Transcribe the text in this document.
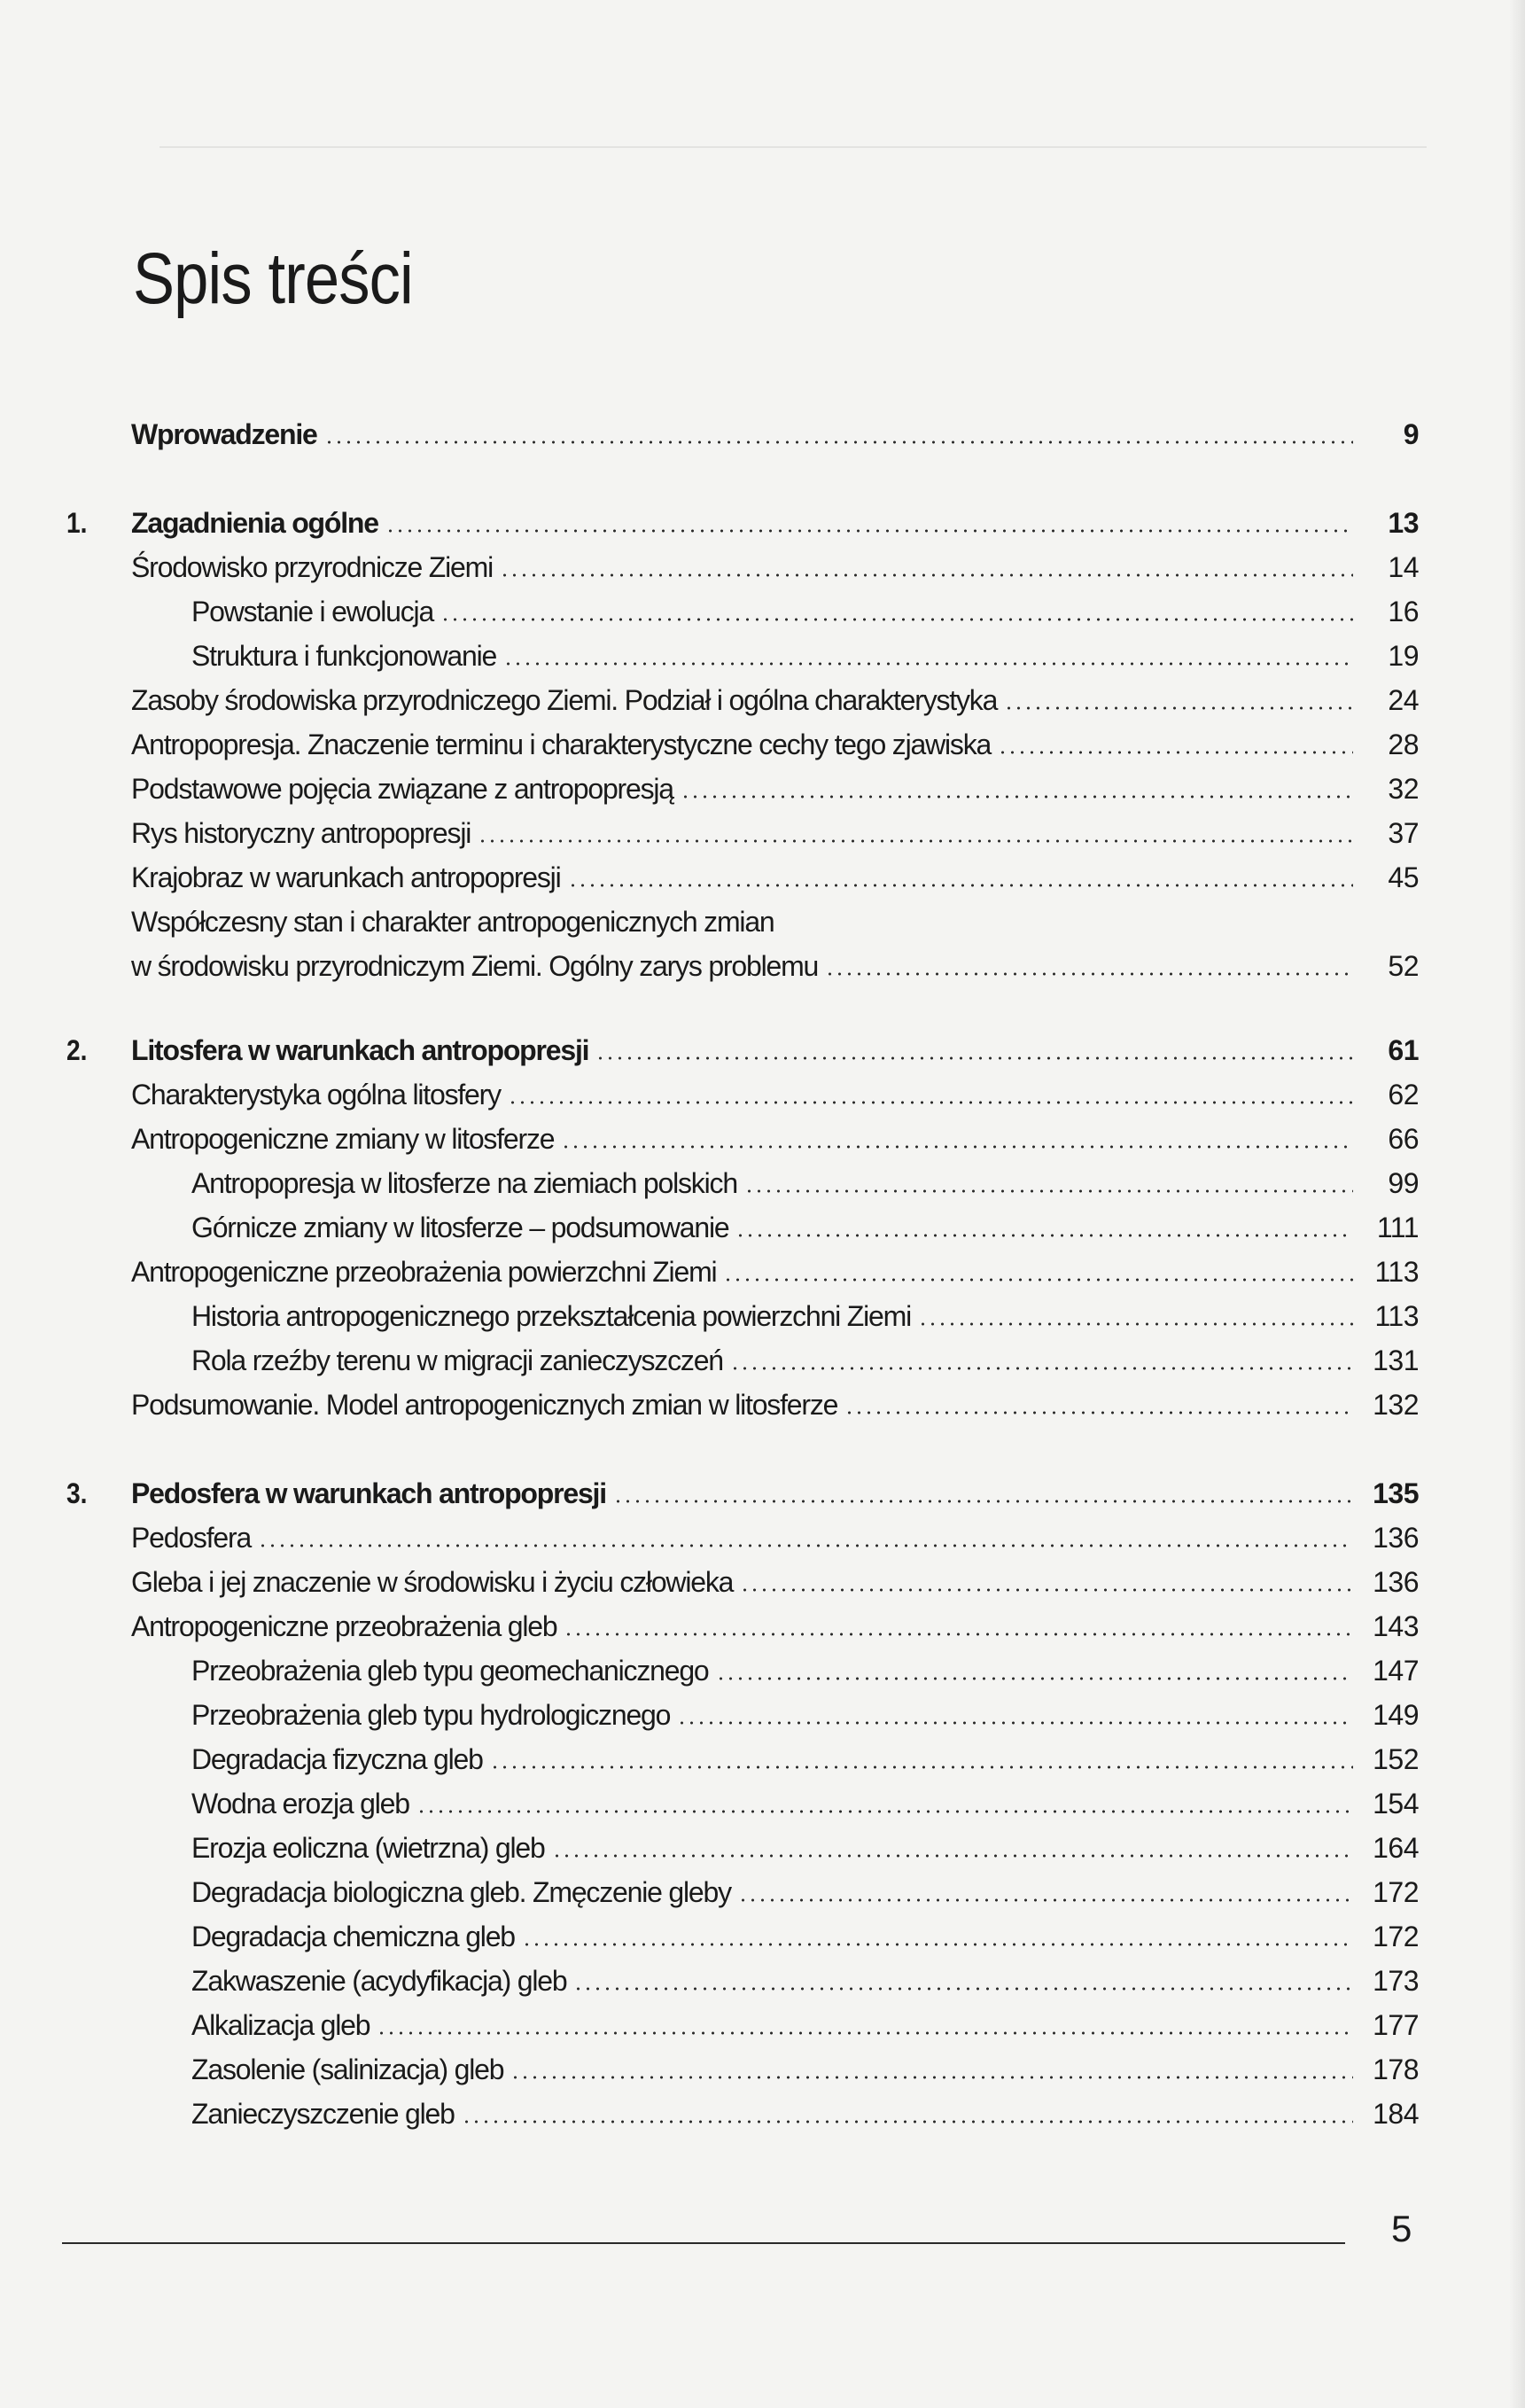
Spis treści
Wprowadzenie	9
1. Zagadnienia ogólne	13
Środowisko przyrodnicze Ziemi	14
Powstanie i ewolucja	16
Struktura i funkcjonowanie	19
Zasoby środowiska przyrodniczego Ziemi. Podział i ogólna charakterystyka	24
Antropopresja. Znaczenie terminu i charakterystyczne cechy tego zjawiska	28
Podstawowe pojęcia związane z antropopresją	32
Rys historyczny antropopresji	37
Krajobraz w warunkach antropopresji	45
Współczesny stan i charakter antropogenicznych zmian
w środowisku przyrodniczym Ziemi. Ogólny zarys problemu	52
2. Litosfera w warunkach antropopresji	61
Charakterystyka ogólna litosfery	62
Antropogeniczne zmiany w litosferze	66
Antropopresja w litosferze na ziemiach polskich	99
Górnicze zmiany w litosferze – podsumowanie	111
Antropogeniczne przeobrażenia powierzchni Ziemi	113
Historia antropogenicznego przekształcenia powierzchni Ziemi	113
Rola rzeźby terenu w migracji zanieczyszczeń	131
Podsumowanie. Model antropogenicznych zmian w litosferze	132
3. Pedosfera w warunkach antropopresji	135
Pedosfera	136
Gleba i jej znaczenie w środowisku i życiu człowieka	136
Antropogeniczne przeobrażenia gleb	143
Przeobrażenia gleb typu geomechanicznego	147
Przeobrażenia gleb typu hydrologicznego	149
Degradacja fizyczna gleb	152
Wodna erozja gleb	154
Erozja eoliczna (wietrzna) gleb	164
Degradacja biologiczna gleb. Zmęczenie gleby	172
Degradacja chemiczna gleb	172
Zakwaszenie (acydyfikacja) gleb	173
Alkalizacja gleb	177
Zasolenie (salinizacja) gleb	178
Zanieczyszczenie gleb	184
5
